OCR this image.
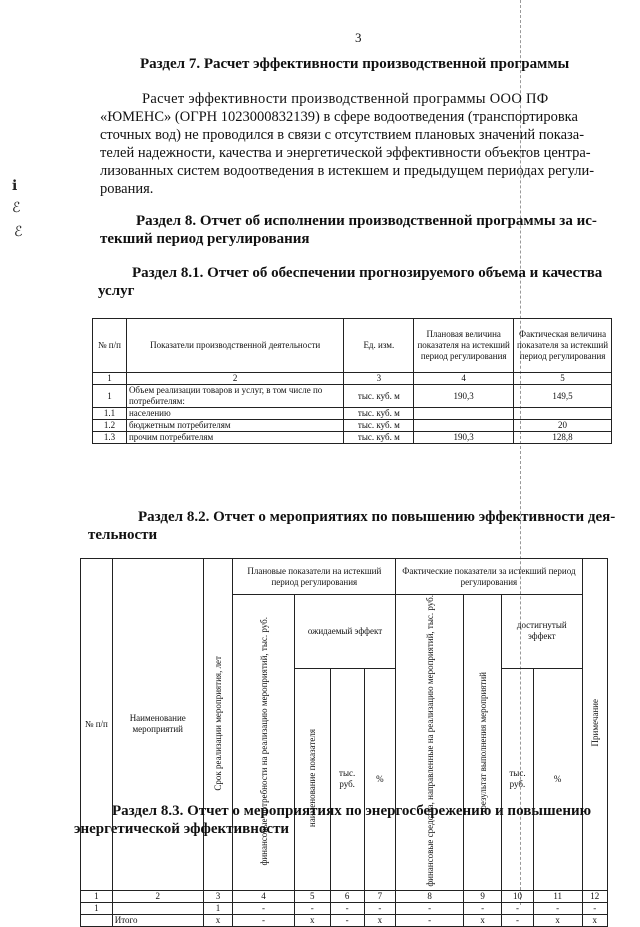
3
ℹ
ℰ
ℰ
Раздел 7. Расчет эффективности производственной программы
Расчет эффективности производственной программы ООО ПФ
«ЮМЕНС» (ОГРН 1023000832139) в сфере водоотведения (транспортировка
сточных вод) не проводился в связи с отсутствием плановых значений показа-
телей надежности, качества и энергетической эффективности объектов центра-
лизованных систем водоотведения в истекшем и предыдущем периодах регули-
рования.
Раздел 8. Отчет об исполнении производственной программы за ис-
текший период регулирования
Раздел 8.1. Отчет об обеспечении прогнозируемого объема и качества
услуг
№ п/п	Показатели производственной деятельности	Ед. изм.	Плановая величина показателя на истекший период регулирования	Фактическая величина показателя за истекший период регулирования
1	2	3	4	5
1	Объем реализации товаров и услуг, в том числе по потребителям:	тыс. куб. м	190,3	149,5
1.1	населению	тыс. куб. м		
1.2	бюджетным потребителям	тыс. куб. м		20

1.3	прочим потребителям	тыс. куб. м	190,3	128,8
Раздел 8.2. Отчет о мероприятиях по повышению эффективности дея-
тельности
№ п/п	Наименование мероприятий	Срок реализации мероприятия, лет	Плановые показатели на истекший период регулирования				Фактические показатели за истекший период регулирования				Примечание
			финансовые потребности на реализацию мероприятий, тыс. руб.	ожидаемый эффект			финансовые средства, направленные на реализацию мероприятий, тыс. руб.	результат выполнения мероприятий	достигнутый эффект		
				наименование показателя	тыс. руб.	%			тыс. руб.	%	
1	2	3	4	5	6	7	8	9	10	11	12
1		1	-	-	-	-	-	-	-	-	-
	Итого	х	-	х	-	х	-	х	-	х	х
Раздел 8.3. Отчет о мероприятиях по энергосбережению и повышению
энергетической эффективности
